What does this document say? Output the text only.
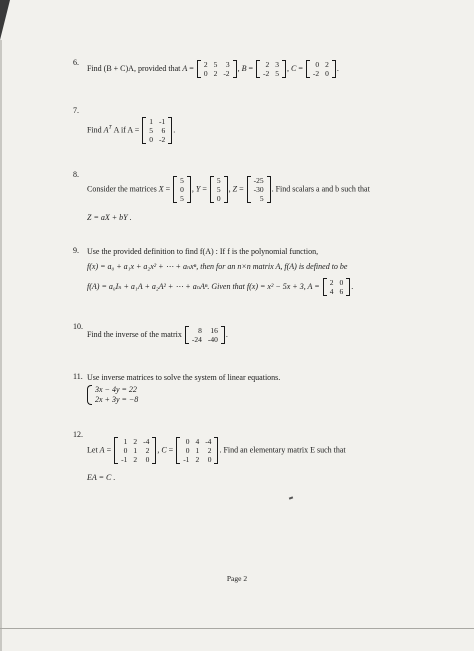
6.
Find (B + C)A, provided that A = 2	5	3
0	2	-2
, B = 2	3
-2	5
, C = 0	2
-2	0
.
7.
Find $A^T$ A if A =
1	-1
5	6
0	-2
.
8.
Consider the matrices X =
5
0
5
, Y =
5
5
0
, Z =
-25
-30
5
. Find scalars a and b such that
Z = aX + bY .
9. Use the provided definition to find f(A) : If f is the polynomial function,
f(x) = a₀ + a₁x + a₂x² + ⋯ + aₙxⁿ, then for an n×n matrix A, f(A) is defined to be
f(A) = a₀Iₙ + a₁A + a₂A² + ⋯ + aₙAⁿ. Given that f(x) = x² − 5x + 3, A = 2	0
4	6
.
10.
Find the inverse of the matrix 8	16
-24	-40
.
11. Use inverse matrices to solve the system of linear equations.
3x − 4y = 22
2x + 3y = −8
12.
Let A =
1	2	-4
0	1	2
-1	2	0
, C =
0	4	-4
0	1	2
-1	2	0
. Find an elementary matrix E such that
EA = C .
Page 2
